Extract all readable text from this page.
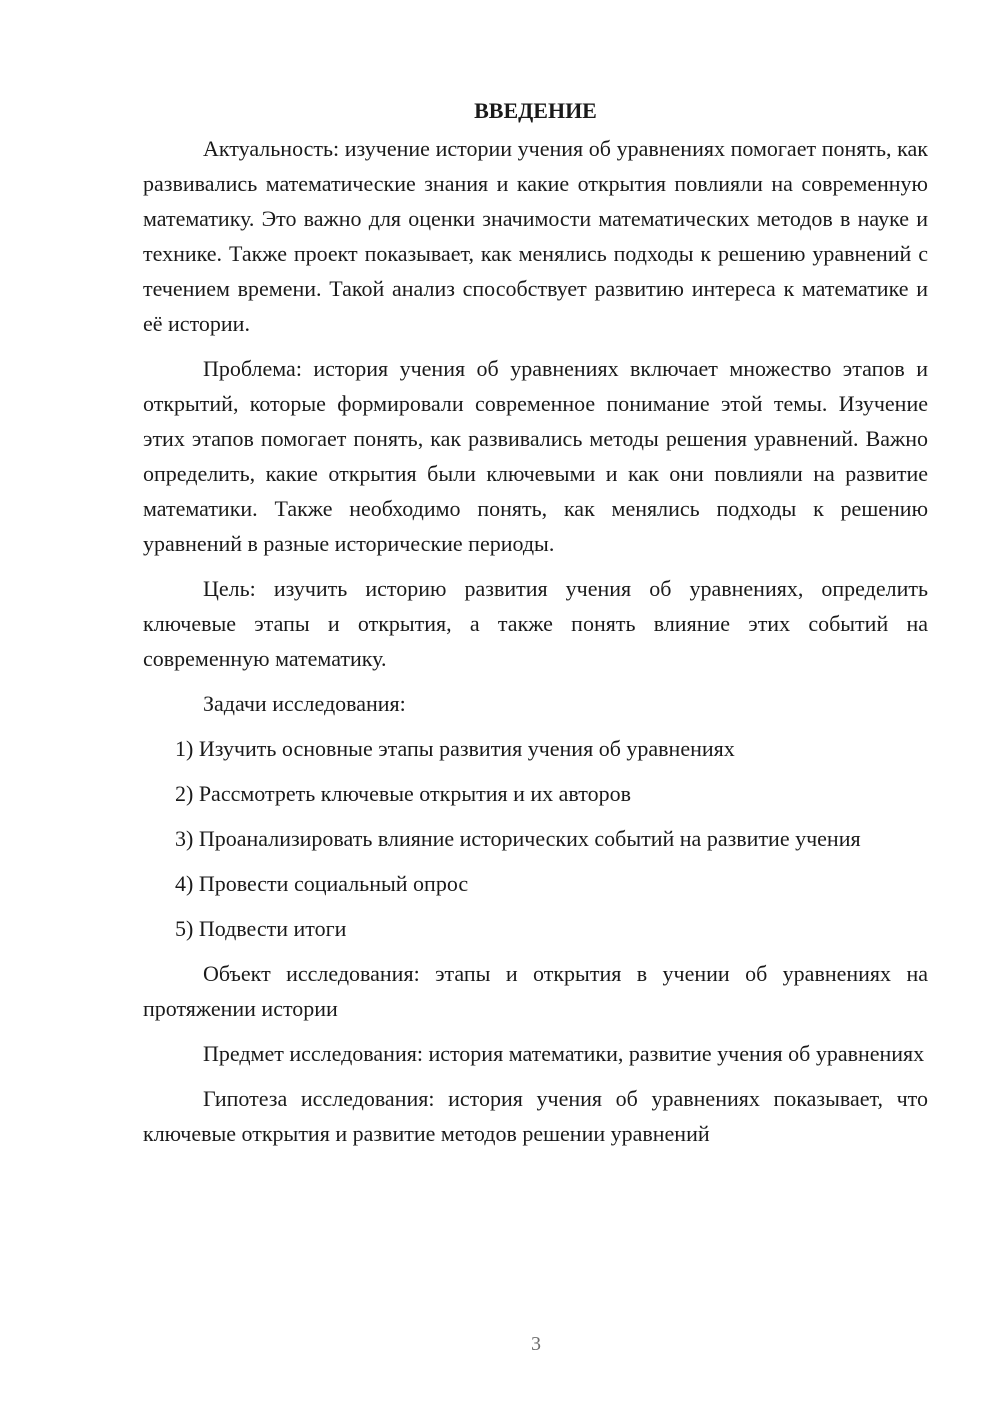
ВВЕДЕНИЕ

Актуальность: изучение истории учения об уравнениях помогает понять, как развивались математические знания и какие открытия повлияли на современную математику. Это важно для оценки значимости математических методов в науке и технике. Также проект показывает, как менялись подходы к решению уравнений с течением времени. Такой анализ способствует развитию интереса к математике и её истории.

Проблема: история учения об уравнениях включает множество этапов и открытий, которые формировали современное понимание этой темы. Изучение этих этапов помогает понять, как развивались методы решения уравнений. Важно определить, какие открытия были ключевыми и как они повлияли на развитие математики. Также необходимо понять, как менялись подходы к решению уравнений в разные исторические периоды.

Цель: изучить историю развития учения об уравнениях, определить ключевые этапы и открытия, а также понять влияние этих событий на современную математику.

Задачи исследования:

1) Изучить основные этапы развития учения об уравнениях

2) Рассмотреть ключевые открытия и их авторов

3) Проанализировать влияние исторических событий на развитие учения

4) Провести социальный опрос

5) Подвести итоги

Объект исследования: этапы и открытия в учении об уравнениях на протяжении истории

Предмет исследования: история математики, развитие учения об уравнениях

Гипотеза исследования: история учения об уравнениях показывает, что ключевые открытия и развитие методов решении уравнений

3
